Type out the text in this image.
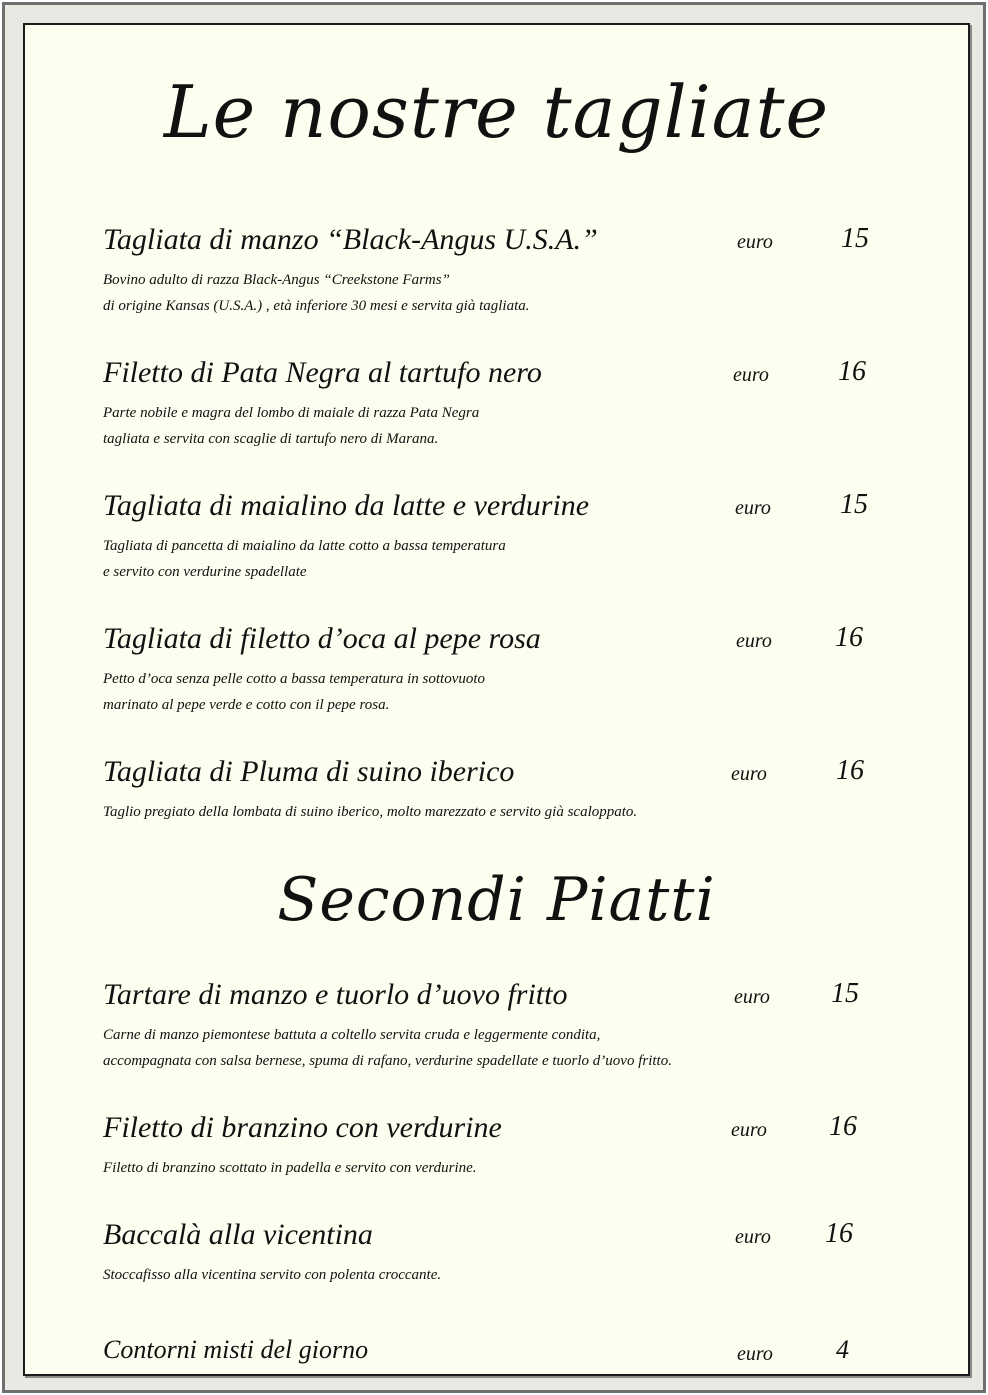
Le nostre tagliate
Tagliata di manzo “Black-Angus U.S.A.”	euro 15
Bovino adulto di razza Black-Angus “Creekstone Farms”
di origine Kansas (U.S.A.) , età inferiore 30 mesi e servita già tagliata.
Filetto di Pata Negra al tartufo nero	euro 16
Parte nobile e magra del lombo di maiale di razza Pata Negra
tagliata e servita con scaglie di tartufo nero di Marana.
Tagliata di maialino da latte e verdurine	euro 15
Tagliata di pancetta di maialino da latte cotto a bassa temperatura
e servito con verdurine spadellate
Tagliata di filetto d’oca al pepe rosa	euro 16
Petto d’oca senza pelle cotto a bassa temperatura in sottovuoto
marinato al pepe verde e cotto con il pepe rosa.
Tagliata di Pluma di suino iberico	euro 16
Taglio pregiato della lombata di suino iberico, molto marezzato e servito già scaloppato.
Secondi Piatti
Tartare di manzo e tuorlo d’uovo fritto	euro 15
Carne di manzo piemontese battuta a coltello servita cruda e leggermente condita,
accompagnata con salsa bernese, spuma di rafano, verdurine spadellate e tuorlo d’uovo fritto.
Filetto di branzino con verdurine	euro 16
Filetto di branzino scottato in padella e servito con verdurine.
Baccalà alla vicentina	euro 16
Stoccafisso alla vicentina servito con polenta croccante.
Contorni misti del giorno	euro 4
